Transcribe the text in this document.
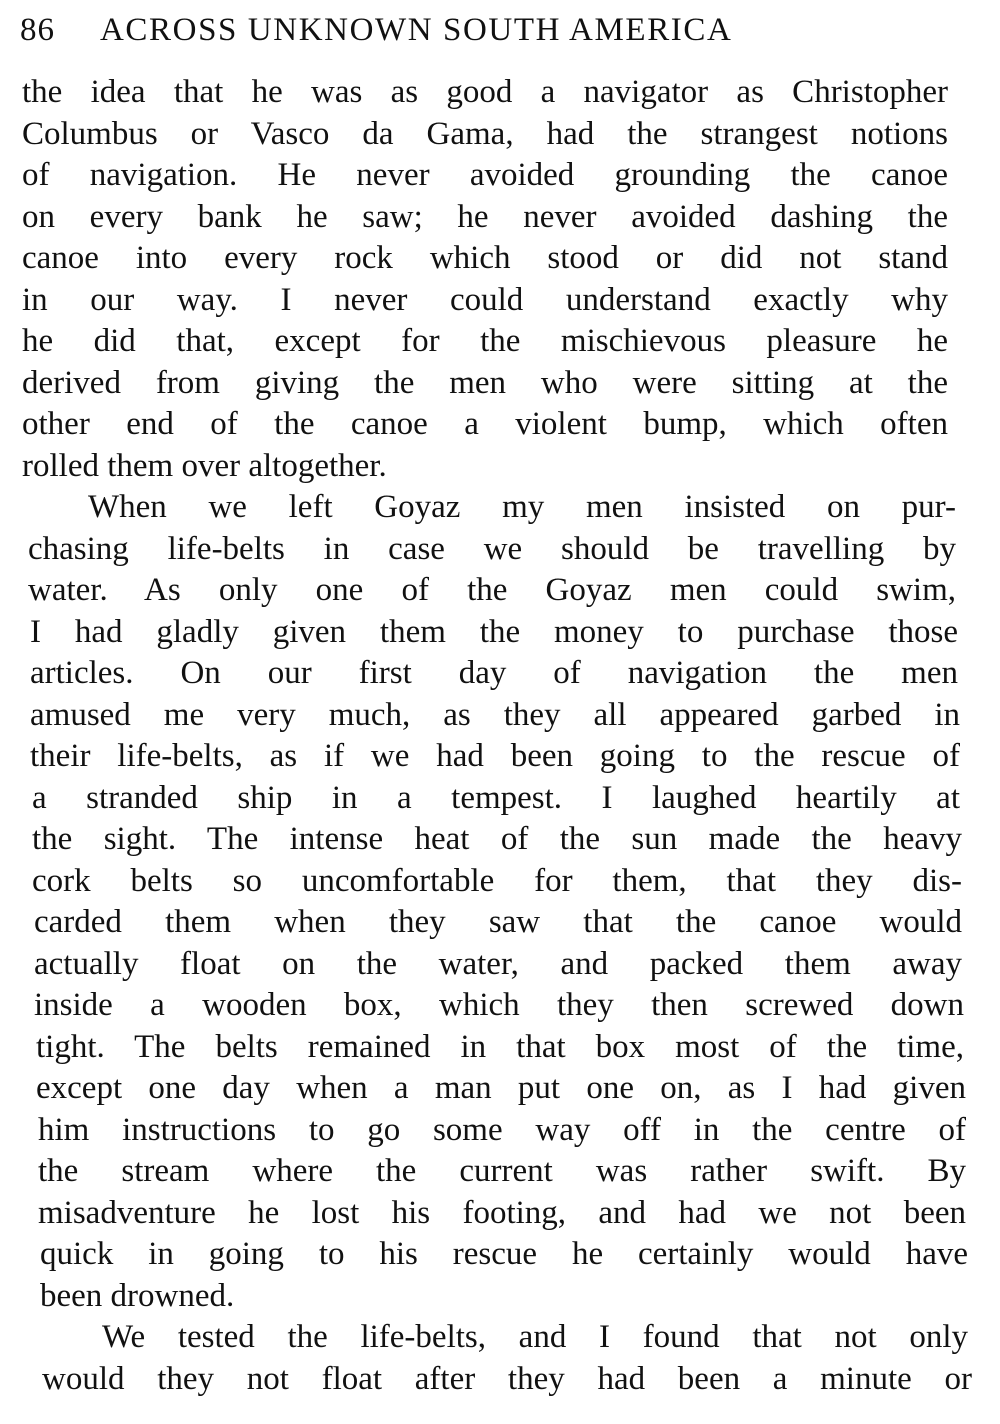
86 ACROSS UNKNOWN SOUTH AMERICA
the idea that he was as good a navigator as Christopher
Columbus or Vasco da Gama, had the strangest notions
of navigation. He never avoided grounding the canoe
on every bank he saw; he never avoided dashing the
canoe into every rock which stood or did not stand
in our way. I never could understand exactly why
he did that, except for the mischievous pleasure he
derived from giving the men who were sitting at the
other end of the canoe a violent bump, which often
rolled them over altogether.
When we left Goyaz my men insisted on pur-
chasing life-belts in case we should be travelling by
water. As only one of the Goyaz men could swim,
I had gladly given them the money to purchase those
articles. On our first day of navigation the men
amused me very much, as they all appeared garbed in
their life-belts, as if we had been going to the rescue of
a stranded ship in a tempest. I laughed heartily at
the sight. The intense heat of the sun made the heavy
cork belts so uncomfortable for them, that they dis-
carded them when they saw that the canoe would
actually float on the water, and packed them away
inside a wooden box, which they then screwed down
tight. The belts remained in that box most of the time,
except one day when a man put one on, as I had given
him instructions to go some way off in the centre of
the stream where the current was rather swift. By
misadventure he lost his footing, and had we not been
quick in going to his rescue he certainly would have
been drowned.
We tested the life-belts, and I found that not only
would they not float after they had been a minute or
